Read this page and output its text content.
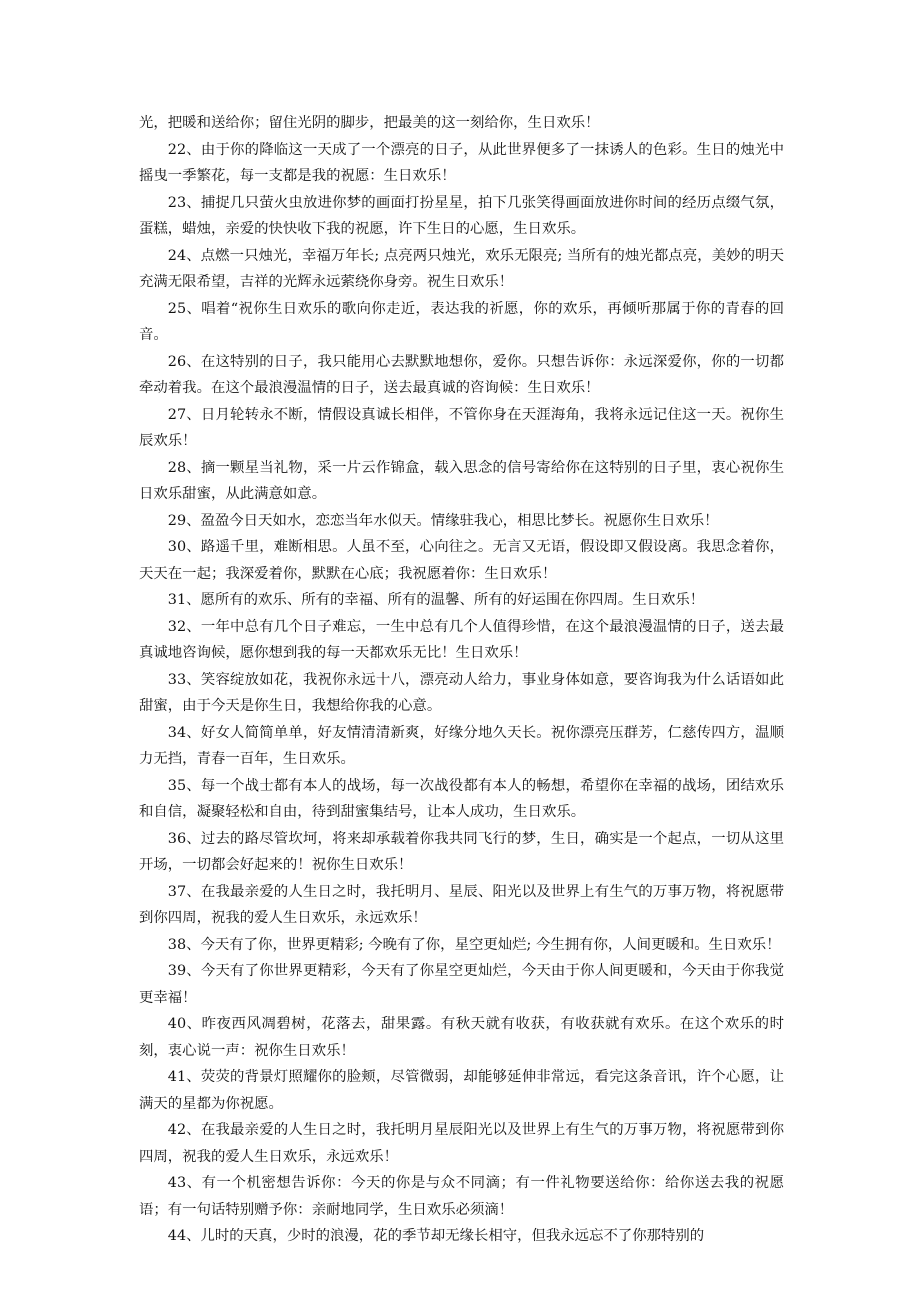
光，把暖和送给你；留住光阴的脚步，把最美的这一刻给你，生日欢乐！

22、由于你的降临这一天成了一个漂亮的日子，从此世界便多了一抹诱人的色彩。生日的烛光中摇曳一季繁花，每一支都是我的祝愿：生日欢乐！

23、捕捉几只萤火虫放进你梦的画面打扮星星，拍下几张笑得画面放进你时间的经历点缀气氛，蛋糕，蜡烛，亲爱的快快收下我的祝愿，许下生日的心愿，生日欢乐。

24、点燃一只烛光，幸福万年长; 点亮两只烛光，欢乐无限亮; 当所有的烛光都点亮，美妙的明天充满无限希望，吉祥的光辉永远萦绕你身旁。祝生日欢乐！

25、唱着“祝你生日欢乐的歌向你走近，表达我的祈愿，你的欢乐，再倾听那属于你的青春的回音。

26、在这特别的日子，我只能用心去默默地想你，爱你。只想告诉你：永远深爱你，你的一切都牵动着我。在这个最浪漫温情的日子，送去最真诚的咨询候：生日欢乐！

27、日月轮转永不断，情假设真诚长相伴，不管你身在天涯海角，我将永远记住这一天。祝你生辰欢乐！

28、摘一颗星当礼物，采一片云作锦盒，载入思念的信号寄给你在这特别的日子里，衷心祝你生日欢乐甜蜜，从此满意如意。

29、盈盈今日天如水，恋恋当年水似天。情缘驻我心，相思比梦长。祝愿你生日欢乐！

30、路遥千里，难断相思。人虽不至，心向往之。无言又无语，假设即又假设离。我思念着你，天天在一起；我深爱着你，默默在心底；我祝愿着你：生日欢乐！

31、愿所有的欢乐、所有的幸福、所有的温馨、所有的好运围在你四周。生日欢乐！

32、一年中总有几个日子难忘，一生中总有几个人值得珍惜，在这个最浪漫温情的日子，送去最真诚地咨询候，愿你想到我的每一天都欢乐无比！生日欢乐！

33、笑容绽放如花，我祝你永远十八，漂亮动人给力，事业身体如意，要咨询我为什么话语如此甜蜜，由于今天是你生日，我想给你我的心意。

34、好女人简简单单，好友情清清新爽，好缘分地久天长。祝你漂亮压群芳，仁慈传四方，温顺力无挡，青春一百年，生日欢乐。

35、每一个战士都有本人的战场，每一次战役都有本人的畅想，希望你在幸福的战场，团结欢乐和自信，凝聚轻松和自由，待到甜蜜集结号，让本人成功，生日欢乐。

36、过去的路尽管坎坷，将来却承载着你我共同飞行的梦，生日，确实是一个起点，一切从这里开场，一切都会好起来的！祝你生日欢乐！

37、在我最亲爱的人生日之时，我托明月、星辰、阳光以及世界上有生气的万事万物，将祝愿带到你四周，祝我的爱人生日欢乐，永远欢乐！

38、今天有了你，世界更精彩; 今晚有了你，星空更灿烂; 今生拥有你，人间更暖和。生日欢乐！

39、今天有了你世界更精彩，今天有了你星空更灿烂，今天由于你人间更暖和，今天由于你我觉更幸福！

40、昨夜西风凋碧树，花落去，甜果露。有秋天就有收获，有收获就有欢乐。在这个欢乐的时刻，衷心说一声：祝你生日欢乐！

41、荧荧的背景灯照耀你的脸颊，尽管微弱，却能够延伸非常远，看完这条音讯，许个心愿，让满天的星都为你祝愿。

42、在我最亲爱的人生日之时，我托明月星辰阳光以及世界上有生气的万事万物，将祝愿带到你四周，祝我的爱人生日欢乐，永远欢乐！

43、有一个机密想告诉你：今天的你是与众不同滴；有一件礼物要送给你：给你送去我的祝愿语；有一句话特别赠予你：亲耐地同学，生日欢乐必须滴！

44、儿时的天真，少时的浪漫，花的季节却无缘长相守，但我永远忘不了你那特别的
